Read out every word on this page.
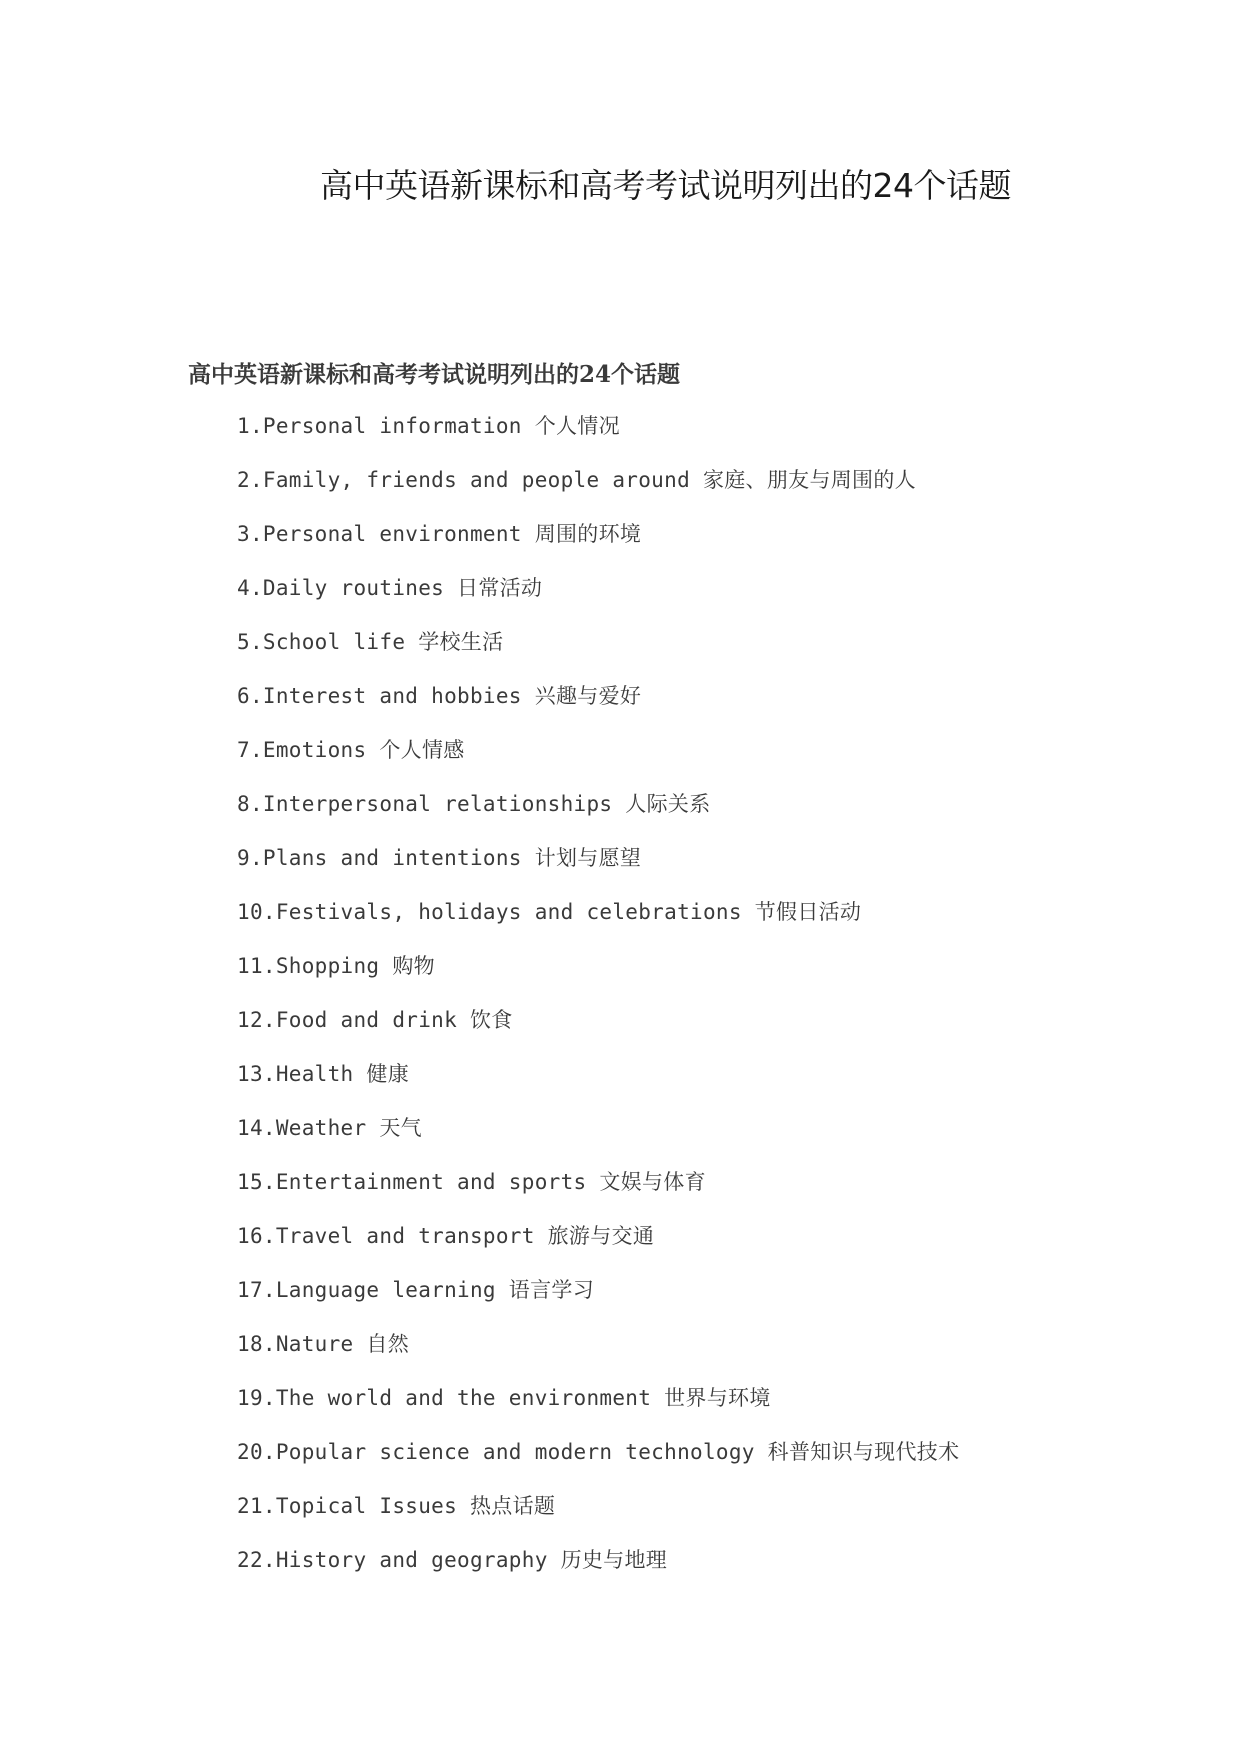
高中英语新课标和高考考试说明列出的24个话题
高中英语新课标和高考考试说明列出的24个话题
1.Personal information 个人情况
2.Family, friends and people around 家庭、朋友与周围的人
3.Personal environment 周围的环境
4.Daily routines 日常活动
5.School life 学校生活
6.Interest and hobbies 兴趣与爱好
7.Emotions 个人情感
8.Interpersonal relationships 人际关系
9.Plans and intentions 计划与愿望
10.Festivals, holidays and celebrations 节假日活动
11.Shopping 购物
12.Food and drink 饮食
13.Health 健康
14.Weather 天气
15.Entertainment and sports 文娱与体育
16.Travel and transport 旅游与交通
17.Language learning 语言学习
18.Nature 自然
19.The world and the environment 世界与环境
20.Popular science and modern technology 科普知识与现代技术
21.Topical Issues 热点话题
22.History and geography 历史与地理
